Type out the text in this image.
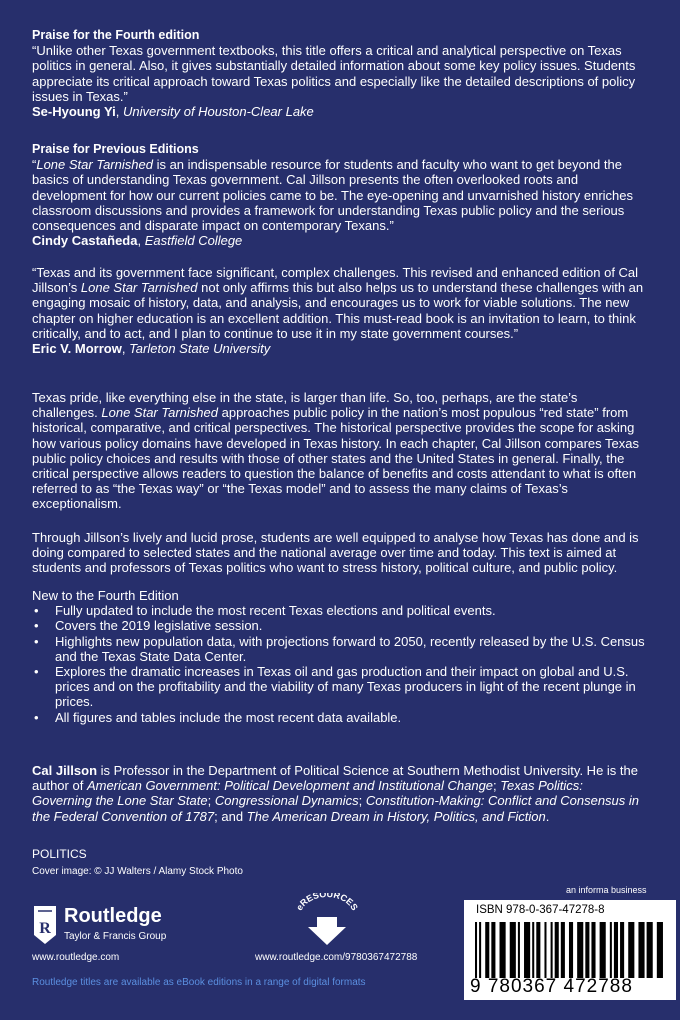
Praise for the Fourth edition

“Unlike other Texas government textbooks, this title offers a critical and analytical perspective on Texas politics in general. Also, it gives substantially detailed information about some key policy issues. Students appreciate its critical approach toward Texas politics and especially like the detailed descriptions of policy issues in Texas.”

Se-Hyoung Yi, University of Houston-Clear Lake
Praise for Previous Editions

“Lone Star Tarnished is an indispensable resource for students and faculty who want to get beyond the basics of understanding Texas government. Cal Jillson presents the often overlooked roots and development for how our current policies came to be. The eye-opening and unvarnished history enriches classroom discussions and provides a framework for understanding Texas public policy and the serious consequences and disparate impact on contemporary Texans.”

Cindy Castañeda, Eastfield College

“Texas and its government face significant, complex challenges. This revised and enhanced edition of Cal Jillson’s Lone Star Tarnished not only affirms this but also helps us to understand these challenges with an engaging mosaic of history, data, and analysis, and encourages us to work for viable solutions. The new chapter on higher education is an excellent addition. This must-read book is an invitation to learn, to think critically, and to act, and I plan to continue to use it in my state government courses.”

Eric V. Morrow, Tarleton State University

Texas pride, like everything else in the state, is larger than life. So, too, perhaps, are the state’s challenges. Lone Star Tarnished approaches public policy in the nation’s most populous “red state” from historical, comparative, and critical perspectives. The historical perspective provides the scope for asking how various policy domains have developed in Texas history. In each chapter, Cal Jillson compares Texas public policy choices and results with those of other states and the United States in general. Finally, the critical perspective allows readers to question the balance of benefits and costs attendant to what is often referred to as “the Texas way” or “the Texas model” and to assess the many claims of Texas’s exceptionalism.

Through Jillson’s lively and lucid prose, students are well equipped to analyse how Texas has done and is doing compared to selected states and the national average over time and today. This text is aimed at students and professors of Texas politics who want to stress history, political culture, and public policy.

New to the Fourth Edition
• Fully updated to include the most recent Texas elections and political events.
• Covers the 2019 legislative session.
• Highlights new population data, with projections forward to 2050, recently released by the U.S. Census and the Texas State Data Center.
• Explores the dramatic increases in Texas oil and gas production and their impact on global and U.S. prices and on the profitability and the viability of many Texas producers in light of the recent plunge in prices.
• All figures and tables include the most recent data available.

Cal Jillson is Professor in the Department of Political Science at Southern Methodist University. He is the author of American Government: Political Development and Institutional Change; Texas Politics: Governing the Lone Star State; Congressional Dynamics; Constitution-Making: Conflict and Consensus in the Federal Convention of 1787; and The American Dream in History, Politics, and Fiction.

POLITICS
Cover image: © JJ Walters / Alamy Stock Photo
R
Routledge
Taylor & Francis Group
www.routledge.com
eRESOURCES
www.routledge.com/9780367472788
an informa business
ISBN 978-0-367-47278-8
9 780367 472788
Routledge titles are available as eBook editions in a range of digital formats
